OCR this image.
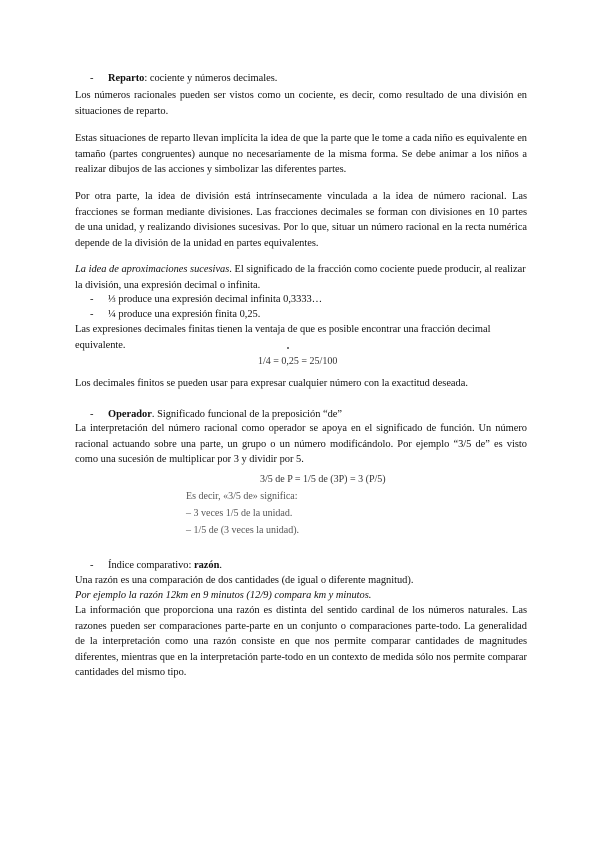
- Reparto: cociente y números decimales.

Los números racionales pueden ser vistos como un cociente, es decir, como resultado de una división en situaciones de reparto.

Estas situaciones de reparto llevan implícita la idea de que la parte que le tome a cada niño es equivalente en tamaño (partes congruentes) aunque no necesariamente de la misma forma. Se debe animar a los niños a realizar dibujos de las acciones y simbolizar las diferentes partes.

Por otra parte, la idea de división está intrínsecamente vinculada a la idea de número racional. Las fracciones se forman mediante divisiones. Las fracciones decimales se forman con divisiones en 10 partes de una unidad, y realizando divisiones sucesivas. Por lo que, situar un número racional en la recta numérica depende de la división de la unidad en partes equivalentes.

La idea de aproximaciones sucesivas. El significado de la fracción como cociente puede producir, al realizar la división, una expresión decimal o infinita.

- ⅓ produce una expresión decimal infinita 0,3333…

- ¼ produce una expresión finita 0,25.

Las expresiones decimales finitas tienen la ventaja de que es posible encontrar una fracción decimal equivalente.

1/4 = 0,25 = 25/100

Los decimales finitos se pueden usar para expresar cualquier número con la exactitud deseada.

- Operador. Significado funcional de la preposición “de”

La interpretación del número racional como operador se apoya en el significado de función. Un número racional actuando sobre una parte, un grupo o un número modificándolo. Por ejemplo “3/5 de” es visto como una sucesión de multiplicar por 3 y dividir por 5.

3/5 de P = 1/5 de (3P) = 3 (P/5)

Es decir, «3/5 de» significa:

– 3 veces 1/5 de la unidad.

– 1/5 de (3 veces la unidad).

- Índice comparativo: razón.

Una razón es una comparación de dos cantidades (de igual o diferente magnitud).

Por ejemplo la razón 12km en 9 minutos (12/9) compara km y minutos.

La información que proporciona una razón es distinta del sentido cardinal de los números naturales. Las razones pueden ser comparaciones parte-parte en un conjunto o comparaciones parte-todo. La generalidad de la interpretación como una razón consiste en que nos permite comparar cantidades de magnitudes diferentes, mientras que en la interpretación parte-todo en un contexto de medida sólo nos permite comparar cantidades del mismo tipo.
